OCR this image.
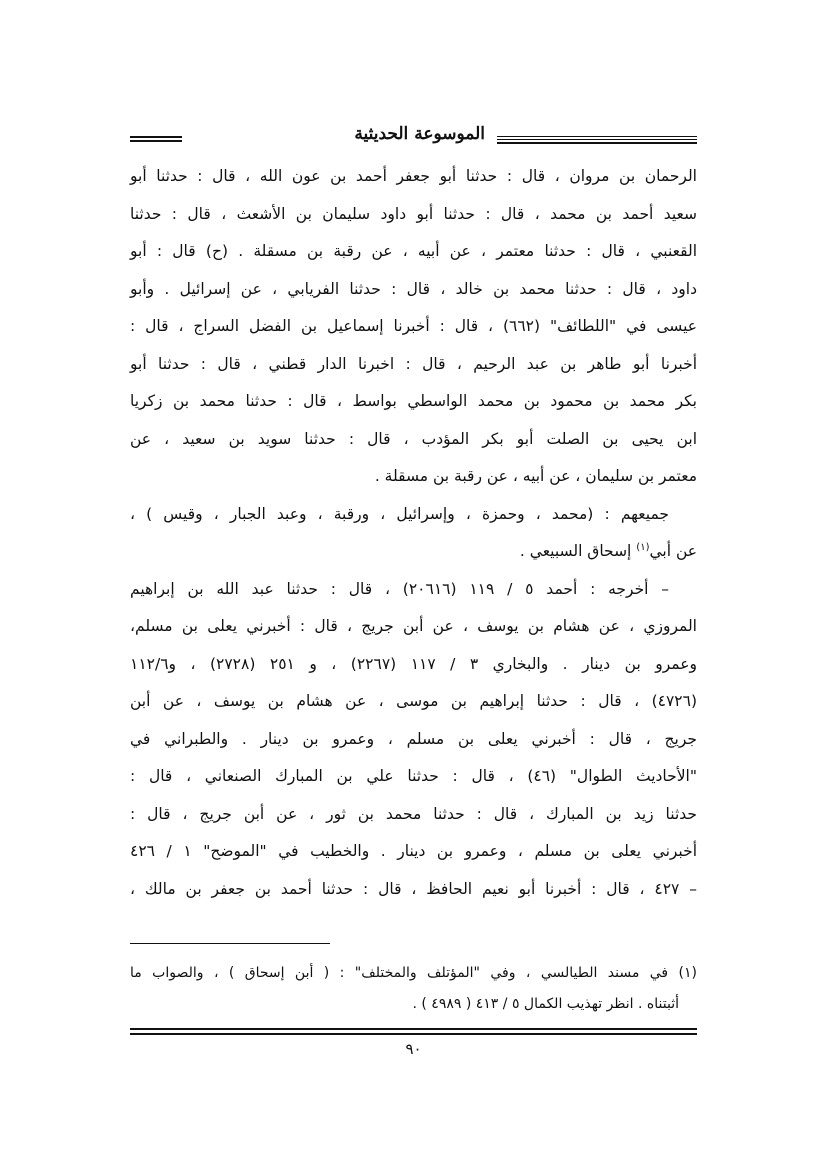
الموسوعة الحديثية
الرحمان بن مروان ، قال : حدثنا أبو جعفر أحمد بن عون الله ، قال : حدثنا أبو
سعيد أحمد بن محمد ، قال : حدثنا أبو داود سليمان بن الأشعث ، قال : حدثنا
القعنبي ، قال : حدثنا معتمر ، عن أبيه ، عن رقبة بن مسقلة . (ح) قال : أبو
داود ، قال : حدثنا محمد بن خالد ، قال : حدثنا الفريابي ، عن إسرائيل . وأبو
عيسى في "اللطائف" (٦٦٢) ، قال : أخبرنا إسماعيل بن الفضل السراج ، قال :
أخبرنا أبو طاهر بن عبد الرحيم ، قال : اخبرنا الدار قطني ، قال : حدثنا أبو
بكر محمد بن محمود بن محمد الواسطي بواسط ، قال : حدثنا محمد بن زكريا
ابن يحيى بن الصلت أبو بكر المؤدب ، قال : حدثنا سويد بن سعيد ، عن
معتمر بن سليمان ، عن أبيه ، عن رقبة بن مسقلة .
جميعهم : (محمد ، وحمزة ، وإسرائيل ، ورقبة ، وعبد الجبار ، وقيس ) ،
عن أبي$^{(١)}$ إسحاق السبيعي .
– أخرجه : أحمد ٥ / ١١٩ (٢٠٦١٦) ، قال : حدثنا عبد الله بن إبراهيم
المروزي ، عن هشام بن يوسف ، عن أبن جريج ، قال : أخبرني يعلى بن مسلم،
وعمرو بن دينار . والبخاري ٣ / ١١٧ (٢٢٦٧) ، و ٢٥١ (٢٧٢٨) ، و١١٢/٦
(٤٧٢٦) ، قال : حدثنا إبراهيم بن موسى ، عن هشام بن يوسف ، عن أبن
جريج ، قال : أخبرني يعلى بن مسلم ، وعمرو بن دينار . والطبراني في
"الأحاديث الطوال" (٤٦) ، قال : حدثنا علي بن المبارك الصنعاني ، قال :
حدثنا زيد بن المبارك ، قال : حدثنا محمد بن ثور ، عن أبن جريج ، قال :
أخبرني يعلى بن مسلم ، وعمرو بن دينار . والخطيب في "الموضح" ١ / ٤٢٦
– ٤٢٧ ، قال : أخبرنا أبو نعيم الحافظ ، قال : حدثنا أحمد بن جعفر بن مالك ،
(١) في مسند الطيالسي ، وفي "المؤتلف والمختلف" : ( أبن إسحاق ) ، والصواب ما
أثبتناه . انظر تهذيب الكمال ٥ / ٤١٣ ( ٤٩٨٩ ) .
٩٠
